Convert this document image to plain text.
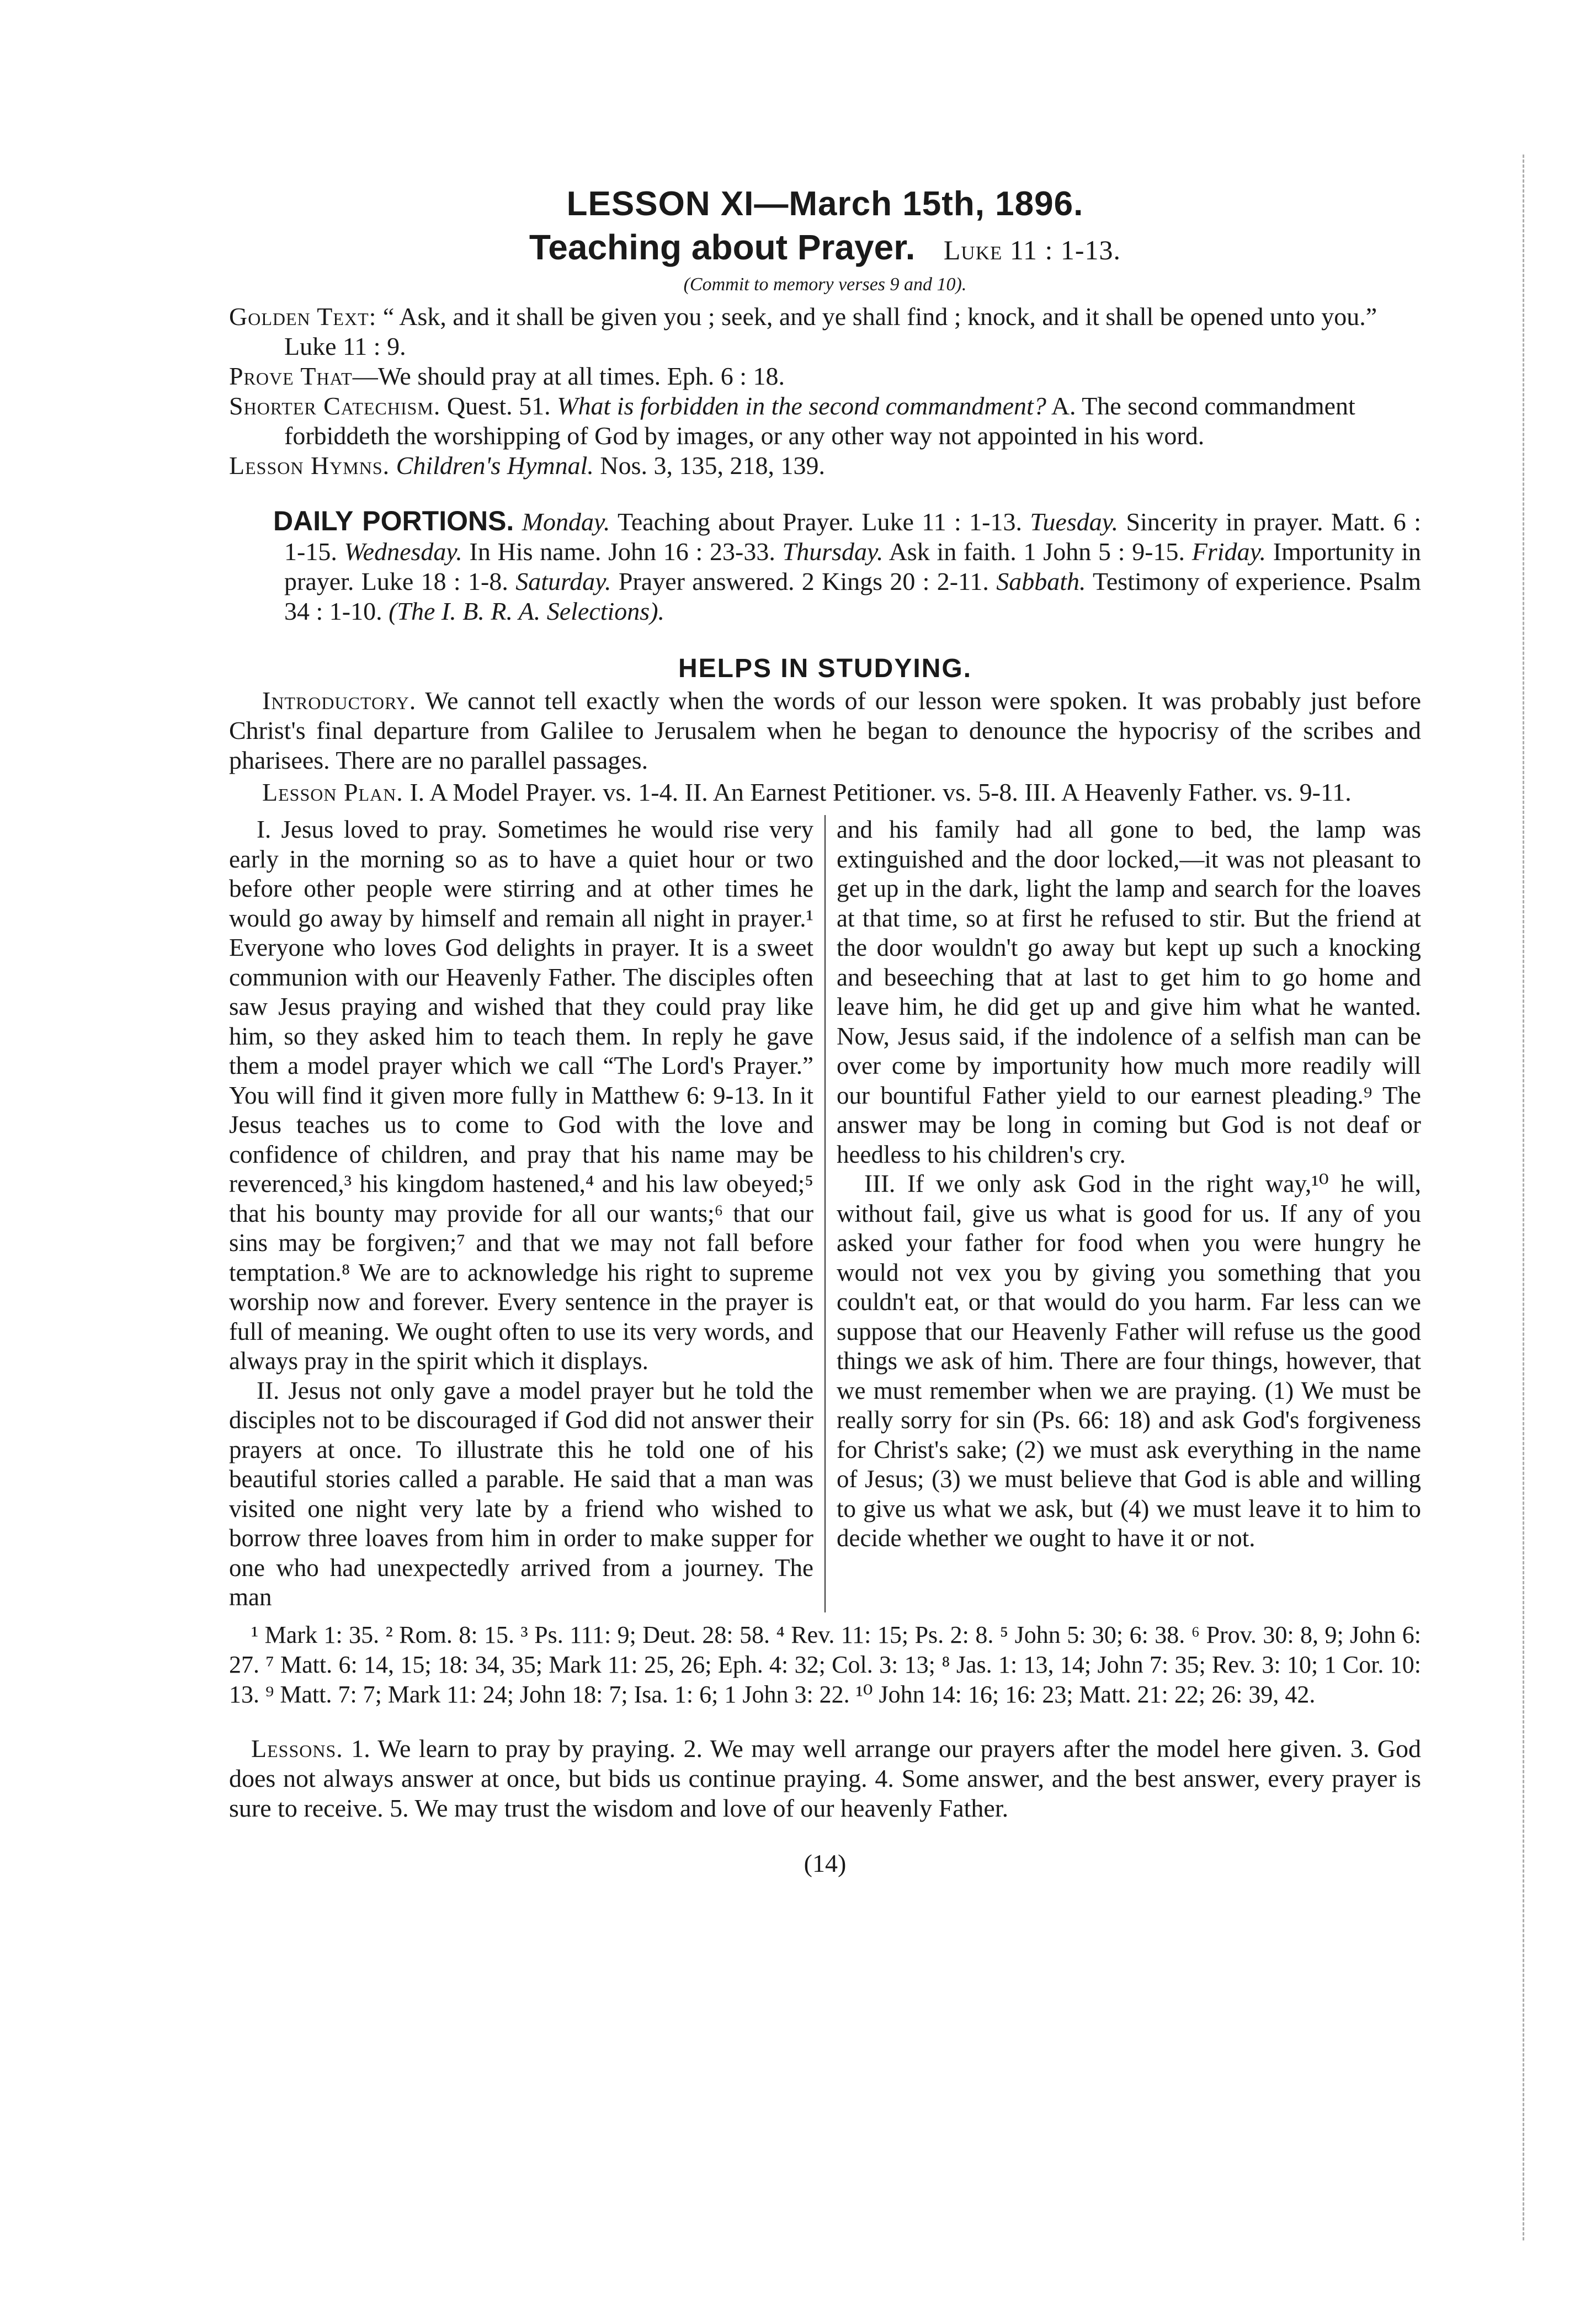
LESSON XI—March 15th, 1896.
Teaching about Prayer. Luke 11 : 1-13.
(Commit to memory verses 9 and 10).

Golden Text: “ Ask, and it shall be given you ; seek, and ye shall find ; knock, and it shall be opened unto you.” Luke 11 : 9.

Prove That—We should pray at all times. Eph. 6 : 18.

Shorter Catechism. Quest. 51. What is forbidden in the second commandment? A. The second commandment forbiddeth the worshipping of God by images, or any other way not appointed in his word.

Lesson Hymns. Children's Hymnal. Nos. 3, 135, 218, 139.

DAILY PORTIONS. Monday. Teaching about Prayer. Luke 11 : 1-13. Tuesday. Sincerity in prayer. Matt. 6 : 1-15. Wednesday. In His name. John 16 : 23-33. Thursday. Ask in faith. 1 John 5 : 9-15. Friday. Importunity in prayer. Luke 18 : 1-8. Saturday. Prayer answered. 2 Kings 20 : 2-11. Sabbath. Testimony of experience. Psalm 34 : 1-10. (The I. B. R. A. Selections).

HELPS IN STUDYING.

Introductory. We cannot tell exactly when the words of our lesson were spoken. It was probably just before Christ's final departure from Galilee to Jerusalem when he began to denounce the hypocrisy of the scribes and pharisees. There are no parallel passages.

Lesson Plan. I. A Model Prayer. vs. 1-4. II. An Earnest Petitioner. vs. 5-8. III. A Heavenly Father. vs. 9-11.

I. Jesus loved to pray. Sometimes he would rise very early in the morning so as to have a quiet hour or two before other people were stirring and at other times he would go away by himself and remain all night in prayer.¹ Everyone who loves God delights in prayer. It is a sweet communion with our Heavenly Father. The disciples often saw Jesus praying and wished that they could pray like him, so they asked him to teach them. In reply he gave them a model prayer which we call “The Lord's Prayer.” You will find it given more fully in Matthew 6: 9-13. In it Jesus teaches us to come to God with the love and confidence of children, and pray that his name may be reverenced,³ his kingdom hastened,⁴ and his law obeyed;⁵ that his bounty may provide for all our wants;⁶ that our sins may be forgiven;⁷ and that we may not fall before temptation.⁸ We are to acknowledge his right to supreme worship now and forever. Every sentence in the prayer is full of meaning. We ought often to use its very words, and always pray in the spirit which it displays.

II. Jesus not only gave a model prayer but he told the disciples not to be discouraged if God did not answer their prayers at once. To illustrate this he told one of his beautiful stories called a parable. He said that a man was visited one night very late by a friend who wished to borrow three loaves from him in order to make supper for one who had unexpectedly arrived from a journey. The man

and his family had all gone to bed, the lamp was extinguished and the door locked,—it was not pleasant to get up in the dark, light the lamp and search for the loaves at that time, so at first he refused to stir. But the friend at the door wouldn't go away but kept up such a knocking and beseeching that at last to get him to go home and leave him, he did get up and give him what he wanted. Now, Jesus said, if the indolence of a selfish man can be over come by importunity how much more readily will our bountiful Father yield to our earnest pleading.⁹ The answer may be long in coming but God is not deaf or heedless to his children's cry.

III. If we only ask God in the right way,¹⁰ he will, without fail, give us what is good for us. If any of you asked your father for food when you were hungry he would not vex you by giving you something that you couldn't eat, or that would do you harm. Far less can we suppose that our Heavenly Father will refuse us the good things we ask of him. There are four things, however, that we must remember when we are praying. (1) We must be really sorry for sin (Ps. 66: 18) and ask God's forgiveness for Christ's sake; (2) we must ask everything in the name of Jesus; (3) we must believe that God is able and willing to give us what we ask, but (4) we must leave it to him to decide whether we ought to have it or not.

¹ Mark 1: 35. ² Rom. 8: 15. ³ Ps. 111: 9; Deut. 28: 58. ⁴ Rev. 11: 15; Ps. 2: 8. ⁵ John 5: 30; 6: 38. ⁶ Prov. 30: 8, 9; John 6: 27. ⁷ Matt. 6: 14, 15; 18: 34, 35; Mark 11: 25, 26; Eph. 4: 32; Col. 3: 13; ⁸ Jas. 1: 13, 14; John 7: 35; Rev. 3: 10; 1 Cor. 10: 13. ⁹ Matt. 7: 7; Mark 11: 24; John 18: 7; Isa. 1: 6; 1 John 3: 22. ¹⁰ John 14: 16; 16: 23; Matt. 21: 22; 26: 39, 42.

Lessons. 1. We learn to pray by praying. 2. We may well arrange our prayers after the model here given. 3. God does not always answer at once, but bids us continue praying. 4. Some answer, and the best answer, every prayer is sure to receive. 5. We may trust the wisdom and love of our heavenly Father.

(14)
